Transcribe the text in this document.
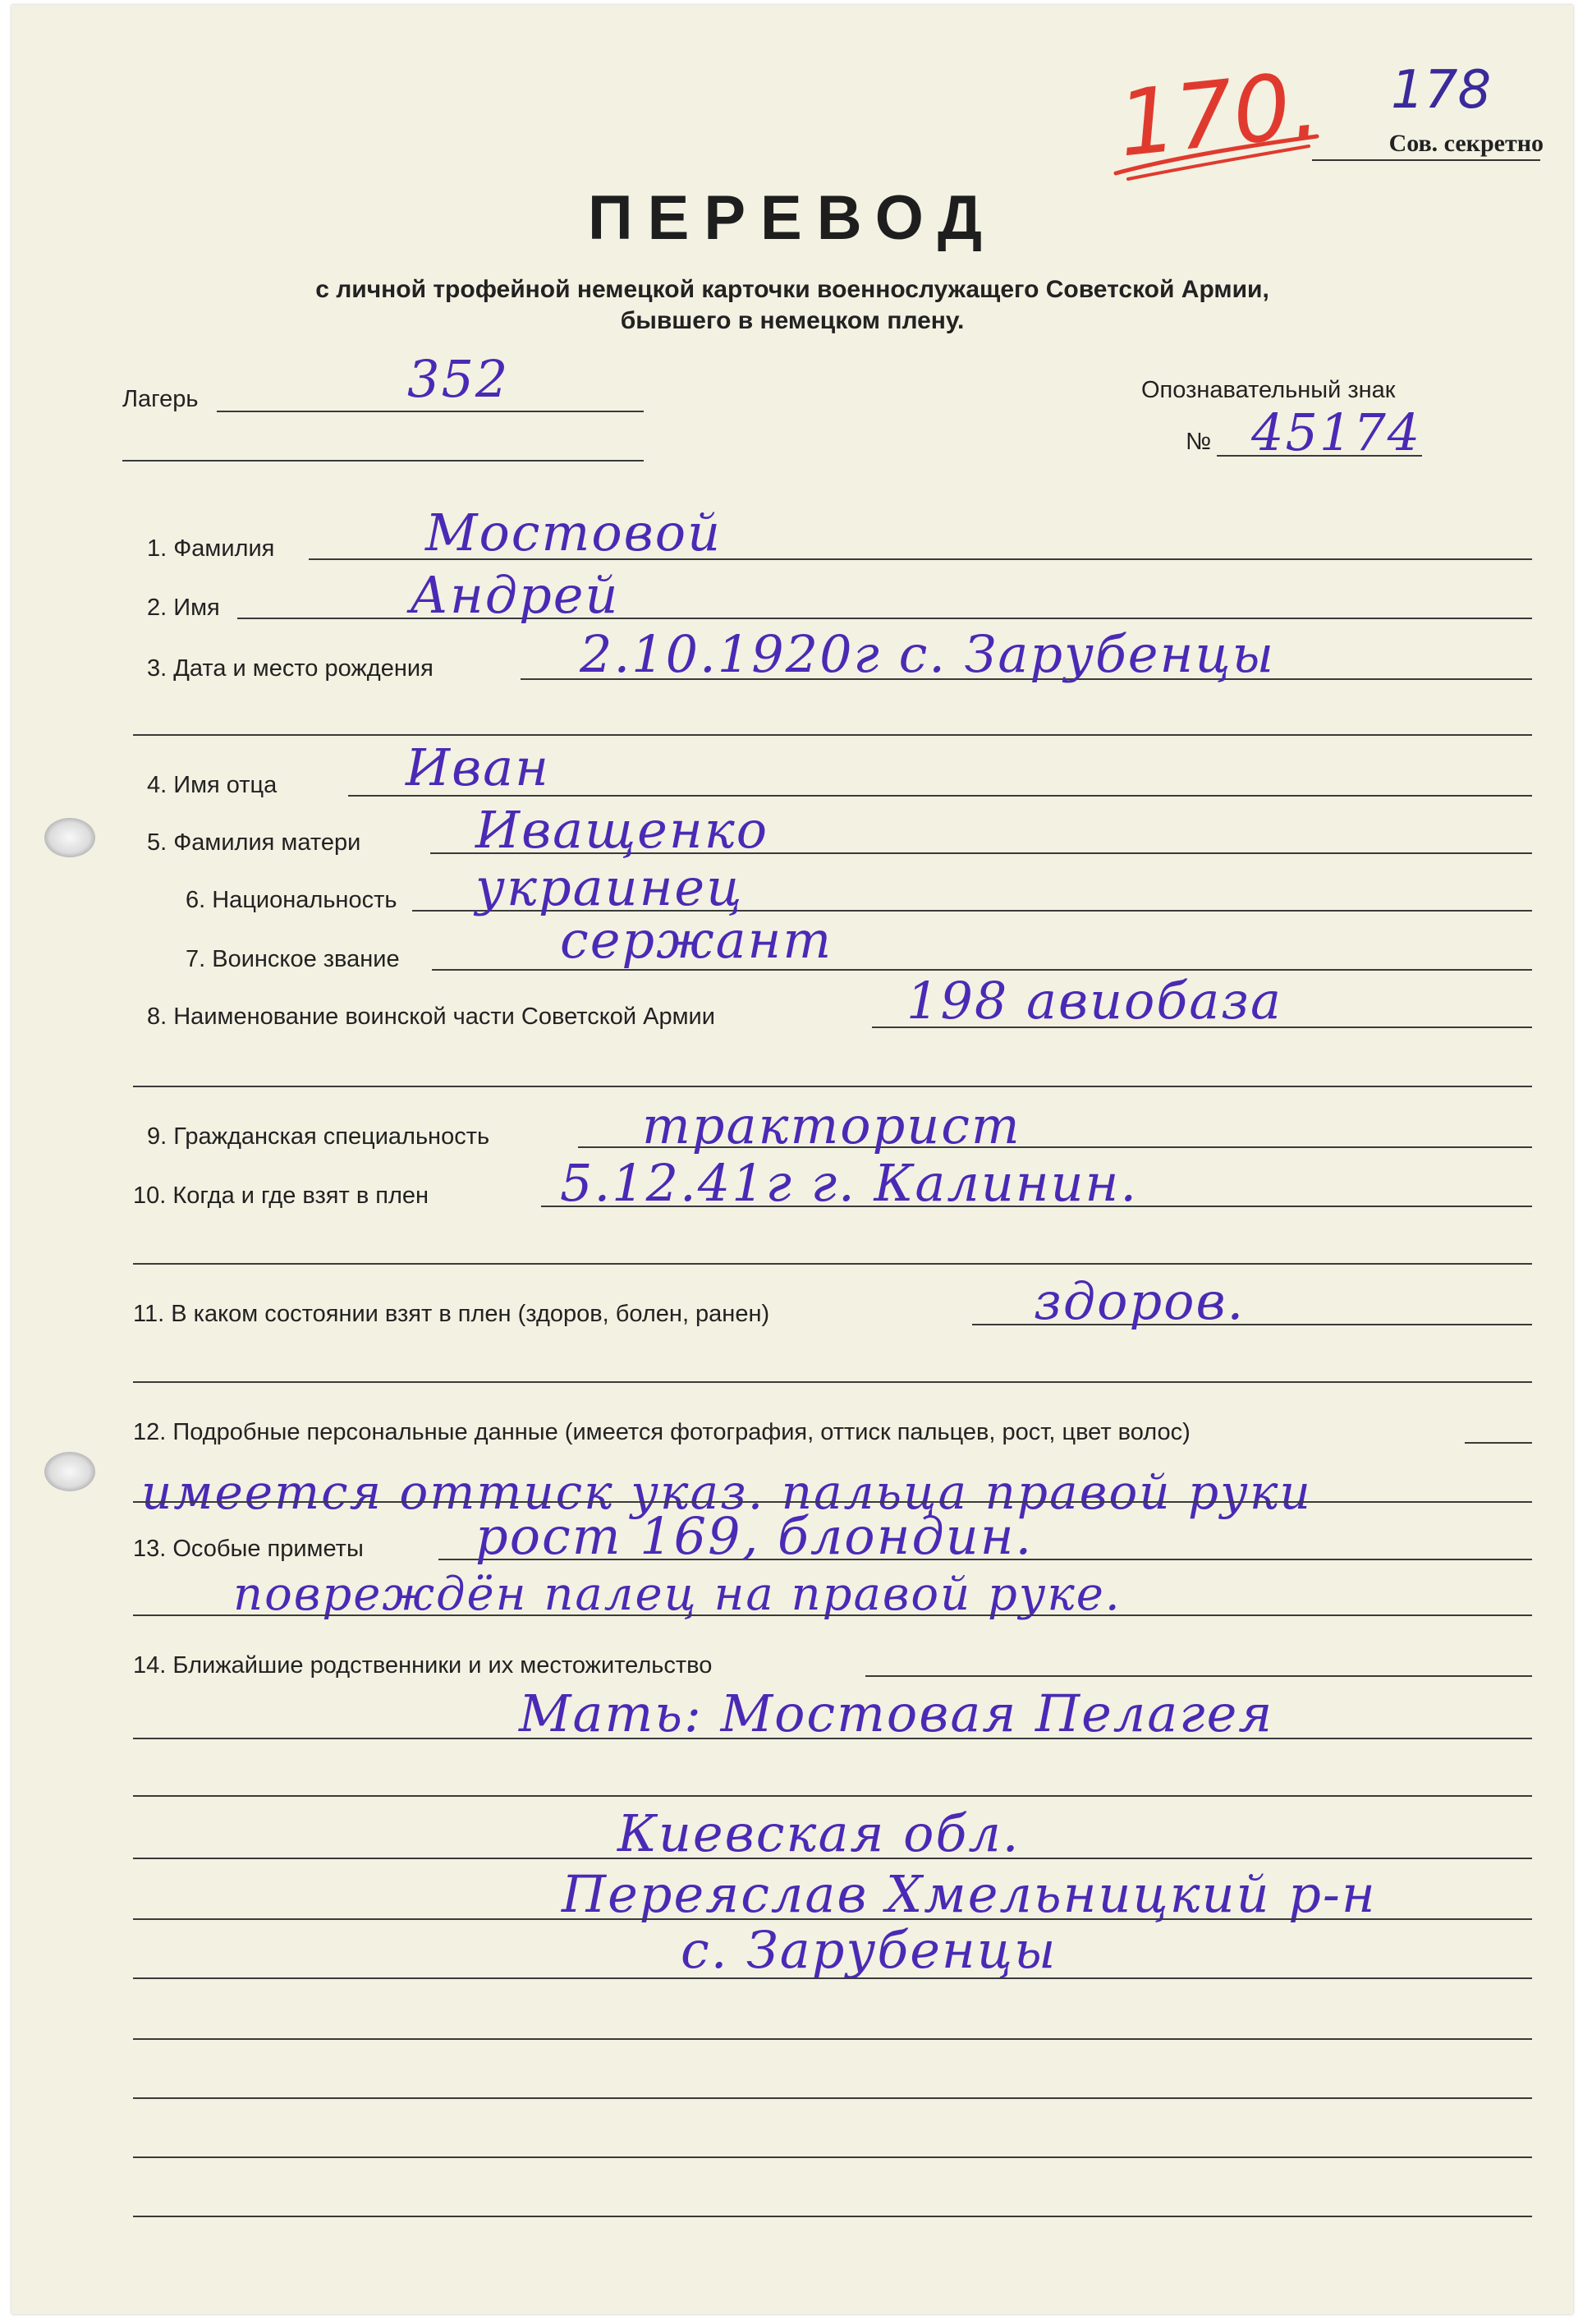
170. 178
Сов. секретно
ПЕРЕВОД
с личной трофейной немецкой карточки военнослужащего Советской Армии,
бывшего в немецком плену.
Лагерь	352	Опознавательный знак
№ 45174
1. Фамилия	Мостовой
2. Имя	Андрей
3. Дата и место рождения	2.10.1920г с. Зарубенцы
4. Имя отца	Иван
5. Фамилия матери Иващенко
6. Национальность украинец
7. Воинское звание	сержант
8. Наименование воинской части Советской Армии	198 авиобаза
9. Гражданская специальность	тракторист
10. Когда и где взят в плен	5.12.41г г. Калинин.
11. В каком состоянии взят в плен (здоров, болен, ранен)	здоров.
12. Подробные персональные данные (имеется фотография, оттиск пальцев, рост, цвет волос)
имеется оттиск указ. пальца правой руки
13. Особые приметы рост 169, блондин.
повреждён палец на правой руке.
14. Ближайшие родственники и их местожительство
Мать: Мостовая Пелагея
Киевская обл.
Переяслав Хмельницкий р-н
с. Зарубенцы
